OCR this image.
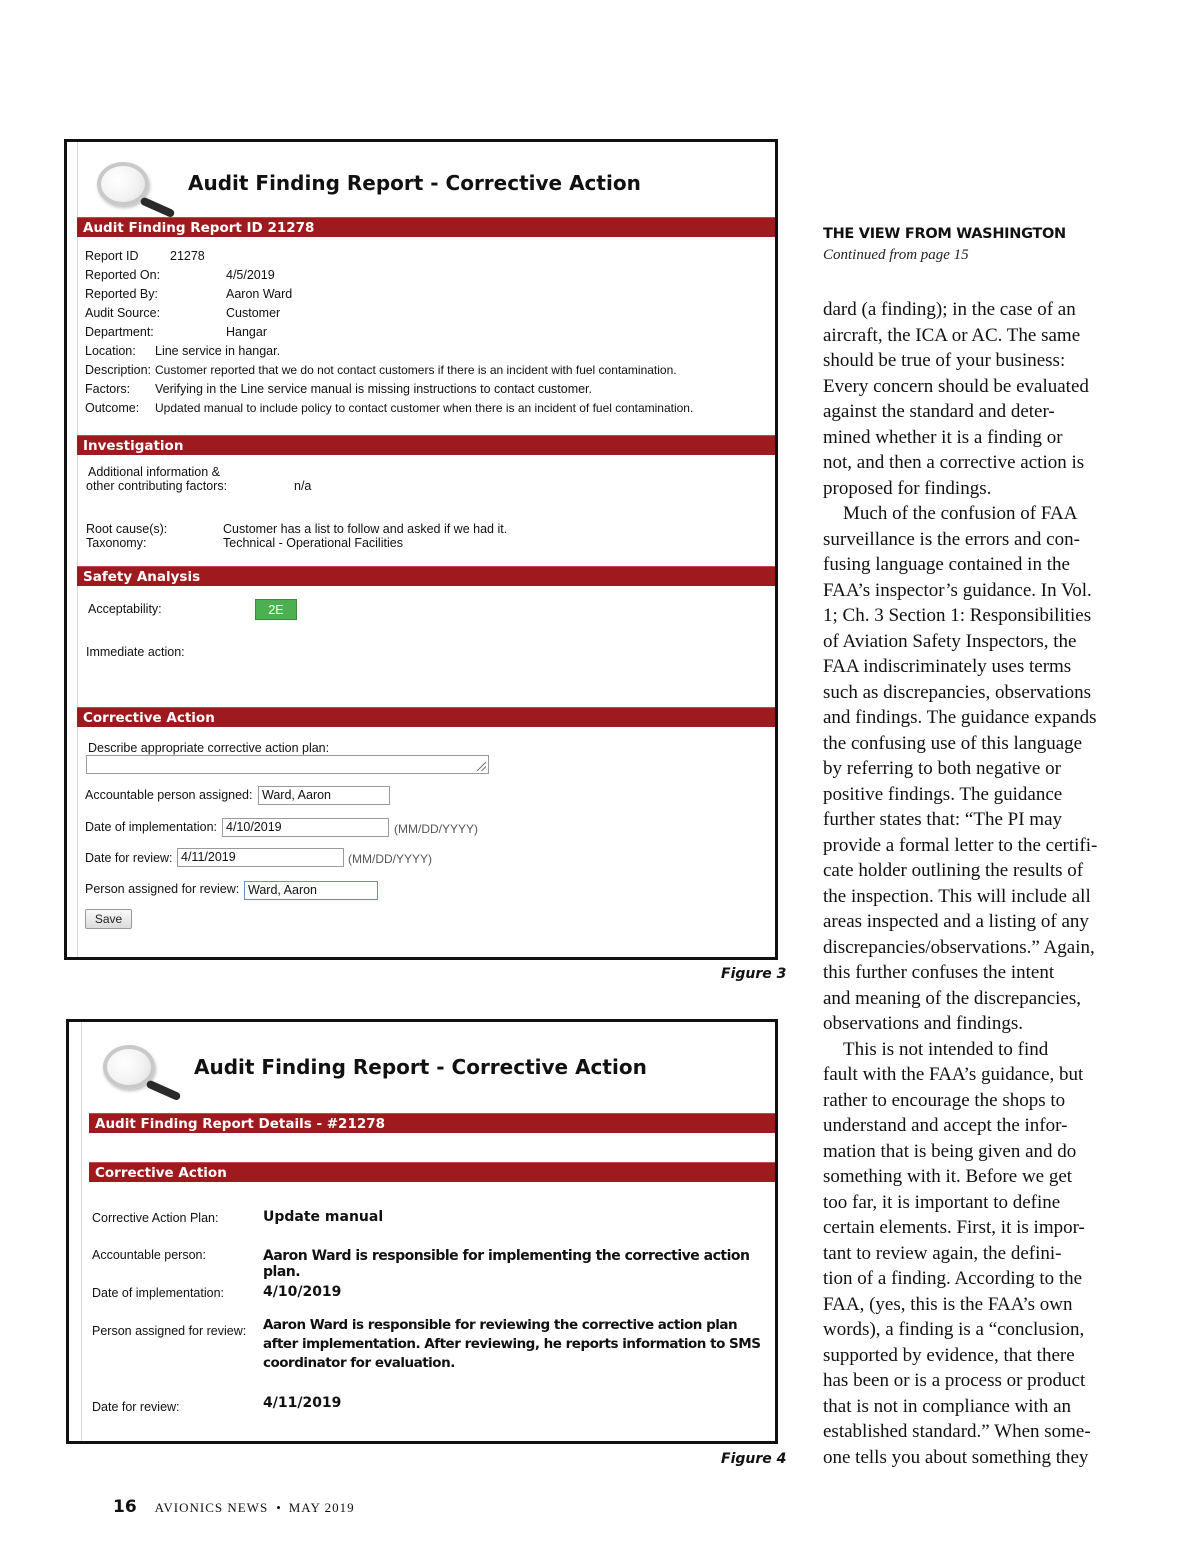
Audit Finding Report - Corrective Action
Audit Finding Report ID 21278
Report ID	21278
Reported On:	4/5/2019
Reported By:	Aaron Ward
Audit Source:	Customer
Department:	Hangar
Location: Line service in hangar.
Description: Customer reported that we do not contact customers if there is an incident with fuel contamination.
Factors: Verifying in the Line service manual is missing instructions to contact customer.
Outcome: Updated manual to include policy to contact customer when there is an incident of fuel contamination.
Investigation
Additional information &
other contributing factors:	n/a
Root cause(s):	Customer has a list to follow and asked if we had it.
Taxonomy:	Technical - Operational Facilities
Safety Analysis
Acceptability:	2E
Immediate action:
Corrective Action
Describe appropriate corrective action plan:
Accountable person assigned: Ward, Aaron
Date of implementation: 4/10/2019	(MM/DD/YYYY)
Date for review: 4/11/2019	(MM/DD/YYYY)
Person assigned for review: Ward, Aaron
Save
Figure 3
Audit Finding Report - Corrective Action
Audit Finding Report Details - #21278
Corrective Action
Corrective Action Plan:	Update manual
Accountable person:	Aaron Ward is responsible for implementing the corrective action plan.
Date of implementation:	4/10/2019
Person assigned for review: Aaron Ward is responsible for reviewing the corrective action plan after implementation. After reviewing, he reports information to SMS coordinator for evaluation.
Date for review:	4/11/2019
Figure 4
THE VIEW FROM WASHINGTON
Continued from page 15
dard (a finding); in the case of an
aircraft, the ICA or AC. The same
should be true of your business:
Every concern should be evaluated
against the standard and deter-
mined whether it is a finding or
not, and then a corrective action is
proposed for findings.
Much of the confusion of FAA
surveillance is the errors and con-
fusing language contained in the
FAA’s inspector’s guidance. In Vol.
1; Ch. 3 Section 1: Responsibilities
of Aviation Safety Inspectors, the
FAA indiscriminately uses terms
such as discrepancies, observations
and findings. The guidance expands
the confusing use of this language
by referring to both negative or
positive findings. The guidance
further states that: “The PI may
provide a formal letter to the certifi-
cate holder outlining the results of
the inspection. This will include all
areas inspected and a listing of any
discrepancies/observations.” Again,
this further confuses the intent
and meaning of the discrepancies,
observations and findings.
This is not intended to find
fault with the FAA’s guidance, but
rather to encourage the shops to
understand and accept the infor-
mation that is being given and do
something with it. Before we get
too far, it is important to define
certain elements. First, it is impor-
tant to review again, the defini-
tion of a finding. According to the
FAA, (yes, this is the FAA’s own
words), a finding is a “conclusion,
supported by evidence, that there
has been or is a process or product
that is not in compliance with an
established standard.” When some-
one tells you about something they
16 AVIONICS NEWS • MAY 2019
